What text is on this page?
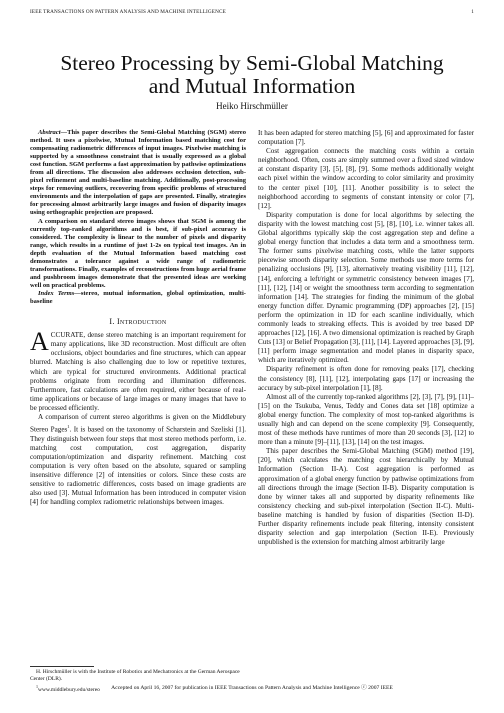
IEEE TRANSACTIONS ON PATTERN ANALYSIS AND MACHINE INTELLIGENCE	1
Stereo Processing by Semi-Global Matching
and Mutual Information
Heiko Hirschmüller

Abstract—This paper describes the Semi-Global Matching (SGM) stereo method. It uses a pixelwise, Mutual Information based matching cost for compensating radiometric differences of input images. Pixelwise matching is supported by a smoothness constraint that is usually expressed as a global cost function. SGM performs a fast approximation by pathwise optimizations from all directions. The discussion also addresses occlusion detection, sub-pixel refinement and multi-baseline matching. Additionally, post-processing steps for removing outliers, recovering from specific problems of structured environments and the interpolation of gaps are presented. Finally, strategies for processing almost arbitrarily large images and fusion of disparity images using orthographic projection are proposed.

A comparison on standard stereo images shows that SGM is among the currently top-ranked algorithms and is best, if sub-pixel accuracy is considered. The complexity is linear to the number of pixels and disparity range, which results in a runtime of just 1-2s on typical test images. An in depth evaluation of the Mutual Information based matching cost demonstrates a tolerance against a wide range of radiometric transformations. Finally, examples of reconstructions from huge aerial frame and pushbroom images demonstrate that the presented ideas are working well on practical problems.

Index Terms—stereo, mutual information, global optimization, multi-baseline

I. Introduction

ACCURATE, dense stereo matching is an important requirement for many applications, like 3D reconstruction. Most difficult are often occlusions, object boundaries and fine structures, which can appear blurred. Matching is also challenging due to low or repetitive textures, which are typical for structured environments. Additional practical problems originate from recording and illumination differences. Furthermore, fast calculations are often required, either because of real-time applications or because of large images or many images that have to be processed efficiently.

A comparison of current stereo algorithms is given on the Middlebury Stereo Pages$^1$. It is based on the taxonomy of Scharstein and Szeliski [1]. They distinguish between four steps that most stereo methods perform, i.e. matching cost computation, cost aggregation, disparity computation/optimization and disparity refinement. Matching cost computation is very often based on the absolute, squared or sampling insensitive difference [2] of intensities or colors. Since these costs are sensitive to radiometric differences, costs based on image gradients are also used [3]. Mutual Information has been introduced in computer vision [4] for handling complex radiometric relationships between images.

It has been adapted for stereo matching [5], [6] and approximated for faster computation [7].

Cost aggregation connects the matching costs within a certain neighborhood. Often, costs are simply summed over a fixed sized window at constant disparity [3], [5], [8], [9]. Some methods additionally weight each pixel within the window according to color similarity and proximity to the center pixel [10], [11]. Another possibility is to select the neighborhood according to segments of constant intensity or color [7], [12].

Disparity computation is done for local algorithms by selecting the disparity with the lowest matching cost [5], [8], [10], i.e. winner takes all. Global algorithms typically skip the cost aggregation step and define a global energy function that includes a data term and a smoothness term. The former sums pixelwise matching costs, while the latter supports piecewise smooth disparity selection. Some methods use more terms for penalizing occlusions [9], [13], alternatively treating visibility [11], [12], [14], enforcing a left/right or symmetric consistency between images [7], [11], [12], [14] or weight the smoothness term according to segmentation information [14]. The strategies for finding the minimum of the global energy function differ. Dynamic programming (DP) approaches [2], [15] perform the optimization in 1D for each scanline individually, which commonly leads to streaking effects. This is avoided by tree based DP approaches [12], [16]. A two dimensional optimization is reached by Graph Cuts [13] or Belief Propagation [3], [11], [14]. Layered approaches [3], [9], [11] perform image segmentation and model planes in disparity space, which are iteratively optimized.

Disparity refinement is often done for removing peaks [17], checking the consistency [8], [11], [12], interpolating gaps [17] or increasing the accuracy by sub-pixel interpolation [1], [8].

Almost all of the currently top-ranked algorithms [2], [3], [7], [9], [11]–[15] on the Tsukuba, Venus, Teddy and Cones data set [18] optimize a global energy function. The complexity of most top-ranked algorithms is usually high and can depend on the scene complexity [9]. Consequently, most of these methods have runtimes of more than 20 seconds [3], [12] to more than a minute [9]–[11], [13], [14] on the test images.

This paper describes the Semi-Global Matching (SGM) method [19], [20], which calculates the matching cost hierarchically by Mutual Information (Section II-A). Cost aggregation is performed as approximation of a global energy function by pathwise optimizations from all directions through the image (Section II-B). Disparity computation is done by winner takes all and supported by disparity refinements like consistency checking and sub-pixel interpolation (Section II-C). Multi-baseline matching is handled by fusion of disparities (Section II-D). Further disparity refinements include peak filtering, intensity consistent disparity selection and gap interpolation (Section II-E). Previously unpublished is the extension for matching almost arbitrarily large

H. Hirschmüller is with the Institute of Robotics and Mechatronics at the German Aerospace Center (DLR).

$^1$www.middlebury.edu/stereo	Accepted on April 16, 2007 for publication in IEEE Transactions on Pattern Analysis and Machine Intelligence ⓒ 2007 IEEE
